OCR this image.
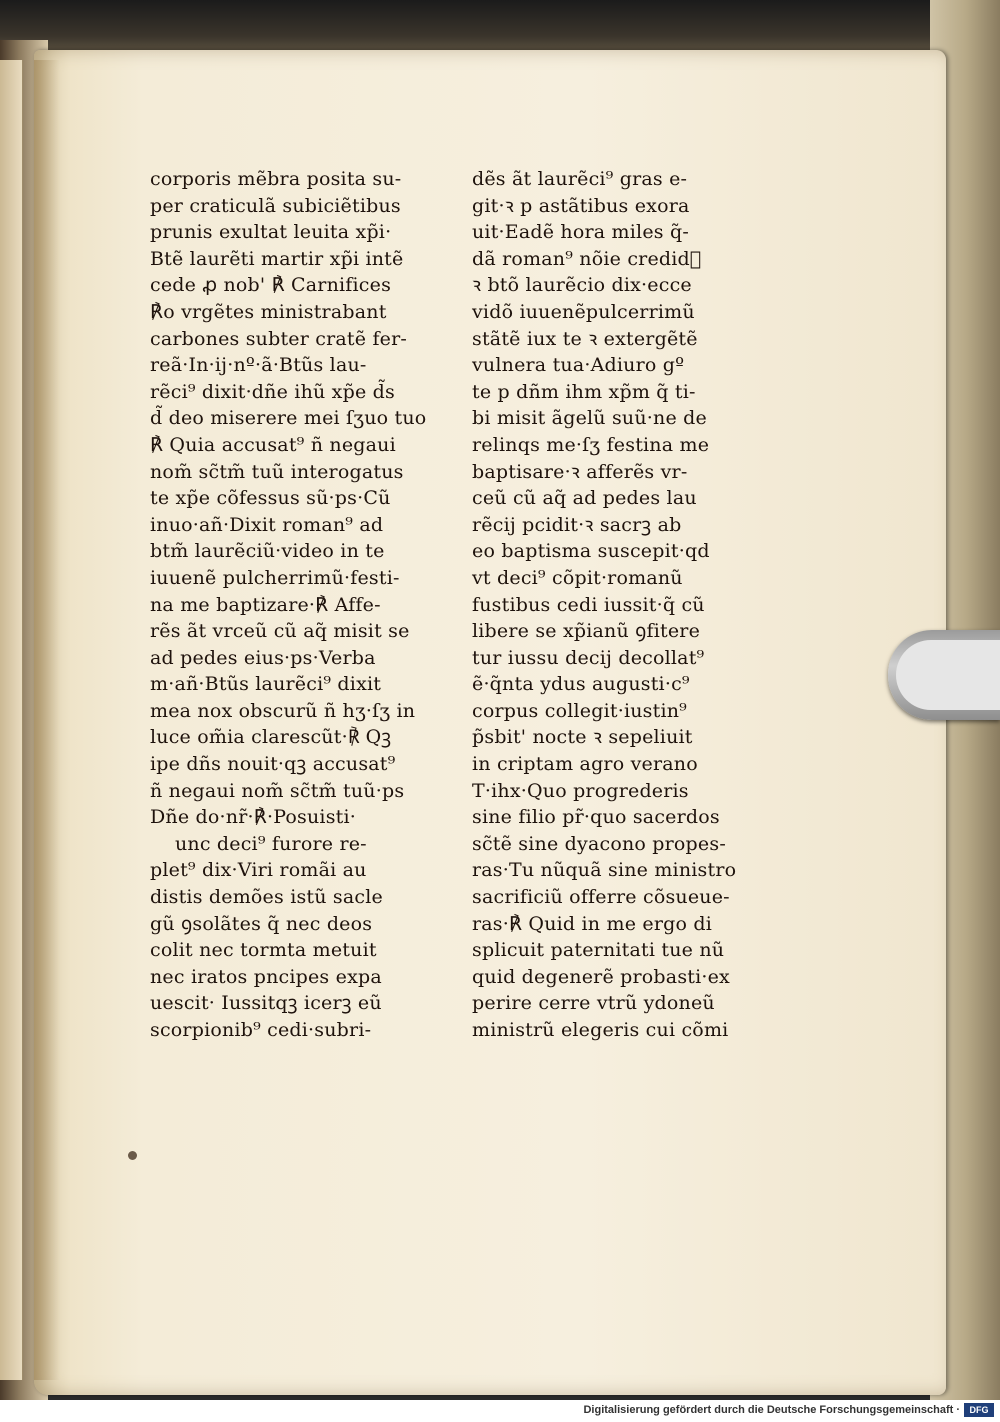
corporis mẽbra posita su-
per craticulã subiciẽtibus
prunis exultat leuita xp̃i·
Btẽ laurẽti martir xp̃i intẽ
cede ꝓ nob' ℟ Carnifices
℟o vrgẽtes ministrabant
carbones subter cratẽ fer-
reã·In·ij·nº·ã·Btũs lau-
rẽci⁹ dixit·dñe ihũ xp̃e d̃s
d̃ deo miserere mei ſʒuo tuo
℟ Quia accusat⁹ ñ negaui
nom̃ sc̃tm̃ tuũ interogatus
te xp̃e cõfessus sũ·ps·Cũ
inuo·añ·Dixit roman⁹ ad
btm̃ laurẽciũ·video in te
iuuenẽ pulcherrimũ·festi-
na me baptizare·℟ Affe-
rẽs ãt vrceũ cũ aq̃ misit se
ad pedes eius·ps·Verba
m·añ·Btũs laurẽci⁹ dixit
mea nox obscurũ ñ hʒ·ſʒ in
luce om̃ia clarescũt·℟ Qꝫ
ipe dñs nouit·qꝫ accusat⁹
ñ negaui nom̃ sc̃tm̃ tuũ·ps
Dñe do·nr̃·℟·Posuisti·
unc deci⁹ furore re-
plet⁹ dix·Viri romãi au
distis demões istũ sacle
gũ ꝯsolãtes q̃ nec deos
colit nec tormta metuit
nec iratos pncipes expa
uescit· Iussitqꝫ icerꝫ eũ
scorpionib⁹ cedi·subri-
dẽs ãt laurẽci⁹ gras e-
git·ꝛ p astãtibus exora
uit·Eadẽ hora miles q̃-
dã roman⁹ nõie credid᷒
ꝛ btõ laurẽcio dix·ecce
vidõ iuuenẽpulcerrimũ
stãtẽ iux te ꝛ extergẽtẽ
vulnera tua·Adiuro gº
te p dñm ihm xp̃m q̃ ti-
bi misit ãgelũ suũ·ne de
relinqs me·ſʒ festina me
baptisare·ꝛ afferẽs vr-
ceũ cũ aq̃ ad pedes lau
rẽcij pcidit·ꝛ sacrꝫ ab
eo baptisma suscepit·qd
vt deci⁹ cõpit·romanũ
fustibus cedi iussit·q̃ cũ
libere se xp̃ianũ ꝯfitere
tur iussu decij decollat⁹
ẽ·q̃nta ydus augusti·c⁹
corpus collegit·iustin⁹
p̃sbit' nocte ꝛ sepeliuit
in criptam agro verano
T·ihx·Quo progrederis
sine filio pr̃·quo sacerdos
sc̃tẽ sine dyacono propes-
ras·Tu nũquã sine ministro
sacrificiũ offerre cõsueue-
ras·℟ Quid in me ergo di
splicuit paternitati tue nũ
quid degenerẽ probasti·ex
perire cerre vtrũ ydoneũ
ministrũ elegeris cui cõmi
Digitalisierung gefördert durch die Deutsche Forschungsgemeinschaft ·	DFG
